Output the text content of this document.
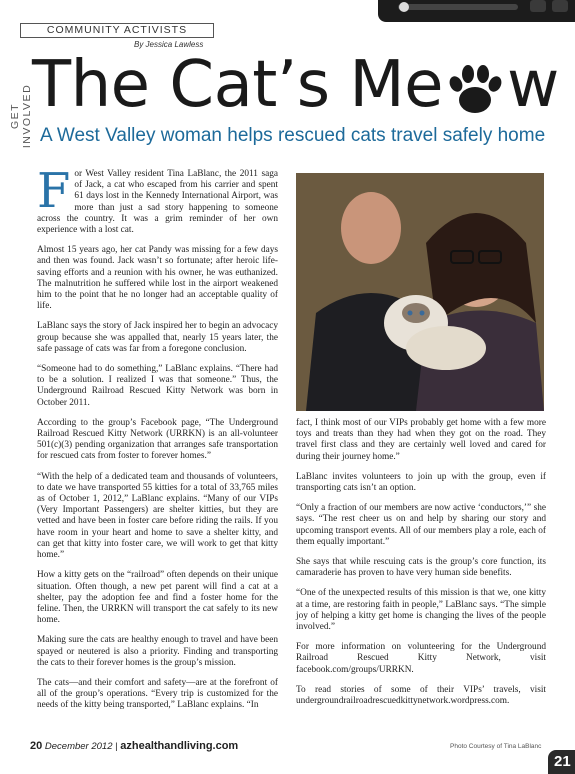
COMMUNITY ACTIVISTS
By Jessica Lawless
GET INVOLVED The Cat’s Me w
A West Valley woman helps rescued cats travel safely home

For West Valley resident Tina LaBlanc, the 2011 saga of Jack, a cat who escaped from his carrier and spent 61 days lost in the Kennedy International Airport, was more than just a sad story happening to someone across the country. It was a grim reminder of her own experience with a lost cat.

Almost 15 years ago, her cat Pandy was missing for a few days and then was found. Jack wasn’t so fortunate; after heroic life-saving efforts and a reunion with his owner, he was euthanized. The malnutrition he suffered while lost in the airport weakened him to the point that he no longer had an acceptable quality of life.

LaBlanc says the story of Jack inspired her to begin an advocacy group because she was appalled that, nearly 15 years later, the safe passage of cats was far from a foregone conclusion.

“Someone had to do something,” LaBlanc explains. “There had to be a solution. I realized I was that someone.” Thus, the Underground Railroad Rescued Kitty Network was born in October 2011.

According to the group’s Facebook page, “The Underground Railroad Rescued Kitty Network (URRKN) is an all-volunteer 501(c)(3) pending organization that arranges safe transportation for rescued cats from foster to forever homes.”

“With the help of a dedicated team and thousands of volunteers, to date we have transported 55 kitties for a total of 33,765 miles as of October 1, 2012,” LaBlanc explains. “Many of our VIPs (Very Important Passengers) are shelter kitties, but they are vetted and have been in foster care before riding the rails. If you have room in your heart and home to save a shelter kitty, and can get that kitty into foster care, we will work to get that kitty home.”

How a kitty gets on the “railroad” often depends on their unique situation. Often though, a new pet parent will find a cat at a shelter, pay the adoption fee and find a foster home for the feline. Then, the URRKN will transport the cat safely to its new home.

Making sure the cats are healthy enough to travel and have been spayed or neutered is also a priority. Finding and transporting the cats to their forever homes is the group’s mission.

The cats—and their comfort and safety—are at the forefront of all of the group’s operations. “Every trip is customized for the needs of the kitty being transported,” LaBlanc explains. “In

fact, I think most of our VIPs probably get home with a few more toys and treats than they had when they got on the road. They travel first class and they are certainly well loved and cared for during their journey home.”

LaBlanc invites volunteers to join up with the group, even if transporting cats isn’t an option.

“Only a fraction of our members are now active ‘conductors,’” she says. “The rest cheer us on and help by sharing our story and upcoming transport events. All of our members play a role, each of them equally important.”

She says that while rescuing cats is the group’s core function, its camaraderie has proven to have very human side benefits.

“One of the unexpected results of this mission is that we, one kitty at a time, are restoring faith in people,” LaBlanc says. “The simple joy of helping a kitty get home is changing the lives of the people involved.”

For more information on volunteering for the Underground Railroad Rescued Kitty Network, visit facebook.com/groups/URRKN.

To read stories of some of their VIPs’ travels, visit undergroundrailroadrescuedkittynetwork.wordpress.com.

Photo Courtesy of Tina LaBlanc
20 December 2012 | azhealthandliving.com
21
